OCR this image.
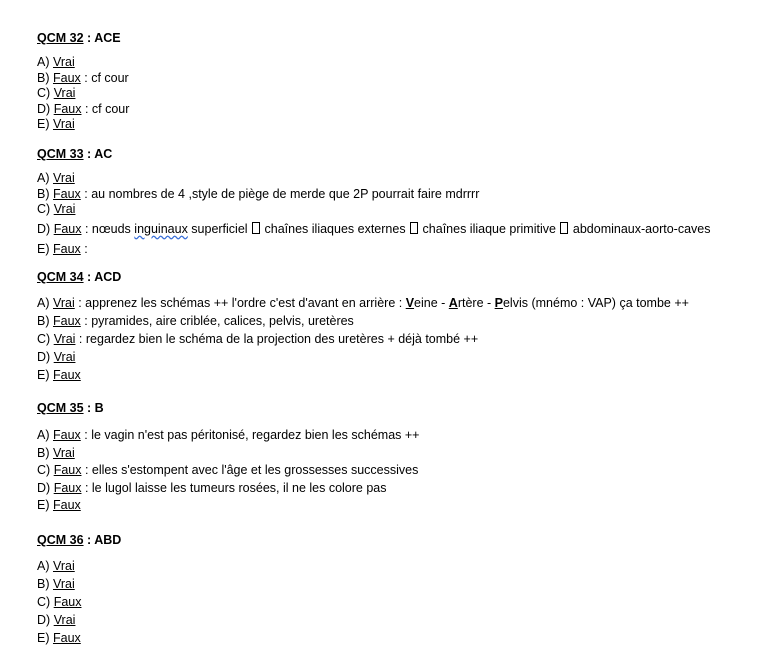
QCM 32 : ACE
A) Vrai
B) Faux : cf cour
C) Vrai
D) Faux : cf cour
E) Vrai
QCM 33 : AC
A) Vrai
B) Faux : au nombres de 4 ,style de piège de merde que 2P pourrait faire mdrrrr
C) Vrai
D) Faux : nœuds inguinaux superficiel  chaînes iliaques externes  chaînes iliaque primitive  abdominaux-aorto-caves
E) Faux :
QCM 34 : ACD
A) Vrai : apprenez les schémas ++ l'ordre c'est d'avant en arrière : Veine - Artère - Pelvis (mnémo : VAP) ça tombe ++
B) Faux : pyramides, aire criblée, calices, pelvis, uretères
C) Vrai : regardez bien le schéma de la projection des uretères + déjà tombé ++
D) Vrai
E) Faux
QCM 35 : B
A) Faux : le vagin n'est pas péritonisé, regardez bien les schémas ++
B) Vrai
C) Faux : elles s'estompent avec l'âge et les grossesses successives
D) Faux : le lugol laisse les tumeurs rosées, il ne les colore pas
E) Faux
QCM 36 : ABD
A) Vrai
B) Vrai
C) Faux
D) Vrai
E) Faux
